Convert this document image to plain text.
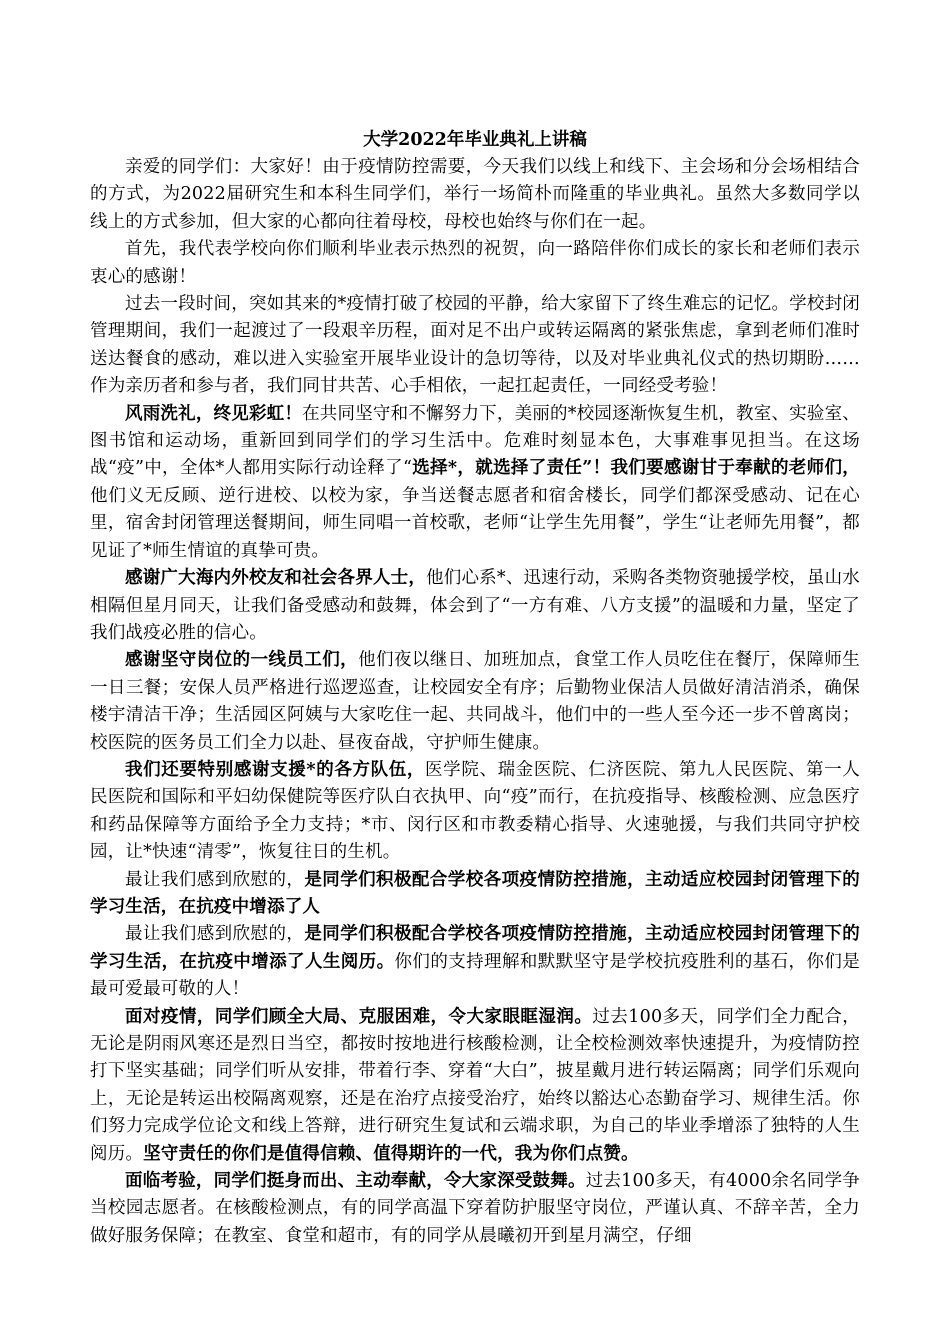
大学2022年毕业典礼上讲稿

亲爱的同学们：大家好！由于疫情防控需要，今天我们以线上和线下、主会场和分会场相结合的方式，为2022届研究生和本科生同学们，举行一场简朴而隆重的毕业典礼。虽然大多数同学以线上的方式参加，但大家的心都向往着母校，母校也始终与你们在一起。

首先，我代表学校向你们顺利毕业表示热烈的祝贺，向一路陪伴你们成长的家长和老师们表示衷心的感谢！

过去一段时间，突如其来的*疫情打破了校园的平静，给大家留下了终生难忘的记忆。学校封闭管理期间，我们一起渡过了一段艰辛历程，面对足不出户或转运隔离的紧张焦虑，拿到老师们准时送达餐食的感动，难以进入实验室开展毕业设计的急切等待，以及对毕业典礼仪式的热切期盼……作为亲历者和参与者，我们同甘共苦、心手相依，一起扛起责任，一同经受考验！

风雨洗礼，终见彩虹！在共同坚守和不懈努力下，美丽的*校园逐渐恢复生机，教室、实验室、图书馆和运动场，重新回到同学们的学习生活中。危难时刻显本色，大事难事见担当。在这场战“疫”中，全体*人都用实际行动诠释了“选择*，就选择了责任”！我们要感谢甘于奉献的老师们，他们义无反顾、逆行进校、以校为家，争当送餐志愿者和宿舍楼长，同学们都深受感动、记在心里，宿舍封闭管理送餐期间，师生同唱一首校歌，老师“让学生先用餐”，学生“让老师先用餐”，都见证了*师生情谊的真挚可贵。

感谢广大海内外校友和社会各界人士，他们心系*、迅速行动，采购各类物资驰援学校，虽山水相隔但星月同天，让我们备受感动和鼓舞，体会到了“一方有难、八方支援”的温暖和力量，坚定了我们战疫必胜的信心。

感谢坚守岗位的一线员工们，他们夜以继日、加班加点，食堂工作人员吃住在餐厅，保障师生一日三餐；安保人员严格进行巡逻巡查，让校园安全有序；后勤物业保洁人员做好清洁消杀，确保楼宇清洁干净；生活园区阿姨与大家吃住一起、共同战斗，他们中的一些人至今还一步不曾离岗；校医院的医务员工们全力以赴、昼夜奋战，守护师生健康。

我们还要特别感谢支援*的各方队伍，医学院、瑞金医院、仁济医院、第九人民医院、第一人民医院和国际和平妇幼保健院等医疗队白衣执甲、向“疫”而行，在抗疫指导、核酸检测、应急医疗和药品保障等方面给予全力支持；*市、闵行区和市教委精心指导、火速驰援，与我们共同守护校园，让*快速“清零”，恢复往日的生机。

最让我们感到欣慰的，是同学们积极配合学校各项疫情防控措施，主动适应校园封闭管理下的学习生活，在抗疫中增添了人

最让我们感到欣慰的，是同学们积极配合学校各项疫情防控措施，主动适应校园封闭管理下的学习生活，在抗疫中增添了人生阅历。你们的支持理解和默默坚守是学校抗疫胜利的基石，你们是最可爱最可敬的人！

面对疫情，同学们顾全大局、克服困难，令大家眼眶湿润。过去100多天，同学们全力配合，无论是阴雨风寒还是烈日当空，都按时按地进行核酸检测，让全校检测效率快速提升，为疫情防控打下坚实基础；同学们听从安排，带着行李、穿着“大白”，披星戴月进行转运隔离；同学们乐观向上，无论是转运出校隔离观察，还是在治疗点接受治疗，始终以豁达心态勤奋学习、规律生活。你们努力完成学位论文和线上答辩，进行研究生复试和云端求职，为自己的毕业季增添了独特的人生阅历。坚守责任的你们是值得信赖、值得期许的一代，我为你们点赞。

面临考验，同学们挺身而出、主动奉献，令大家深受鼓舞。过去100多天，有4000余名同学争当校园志愿者。在核酸检测点，有的同学高温下穿着防护服坚守岗位，严谨认真、不辞辛苦，全力做好服务保障；在教室、食堂和超市，有的同学从晨曦初开到星月满空，仔细
